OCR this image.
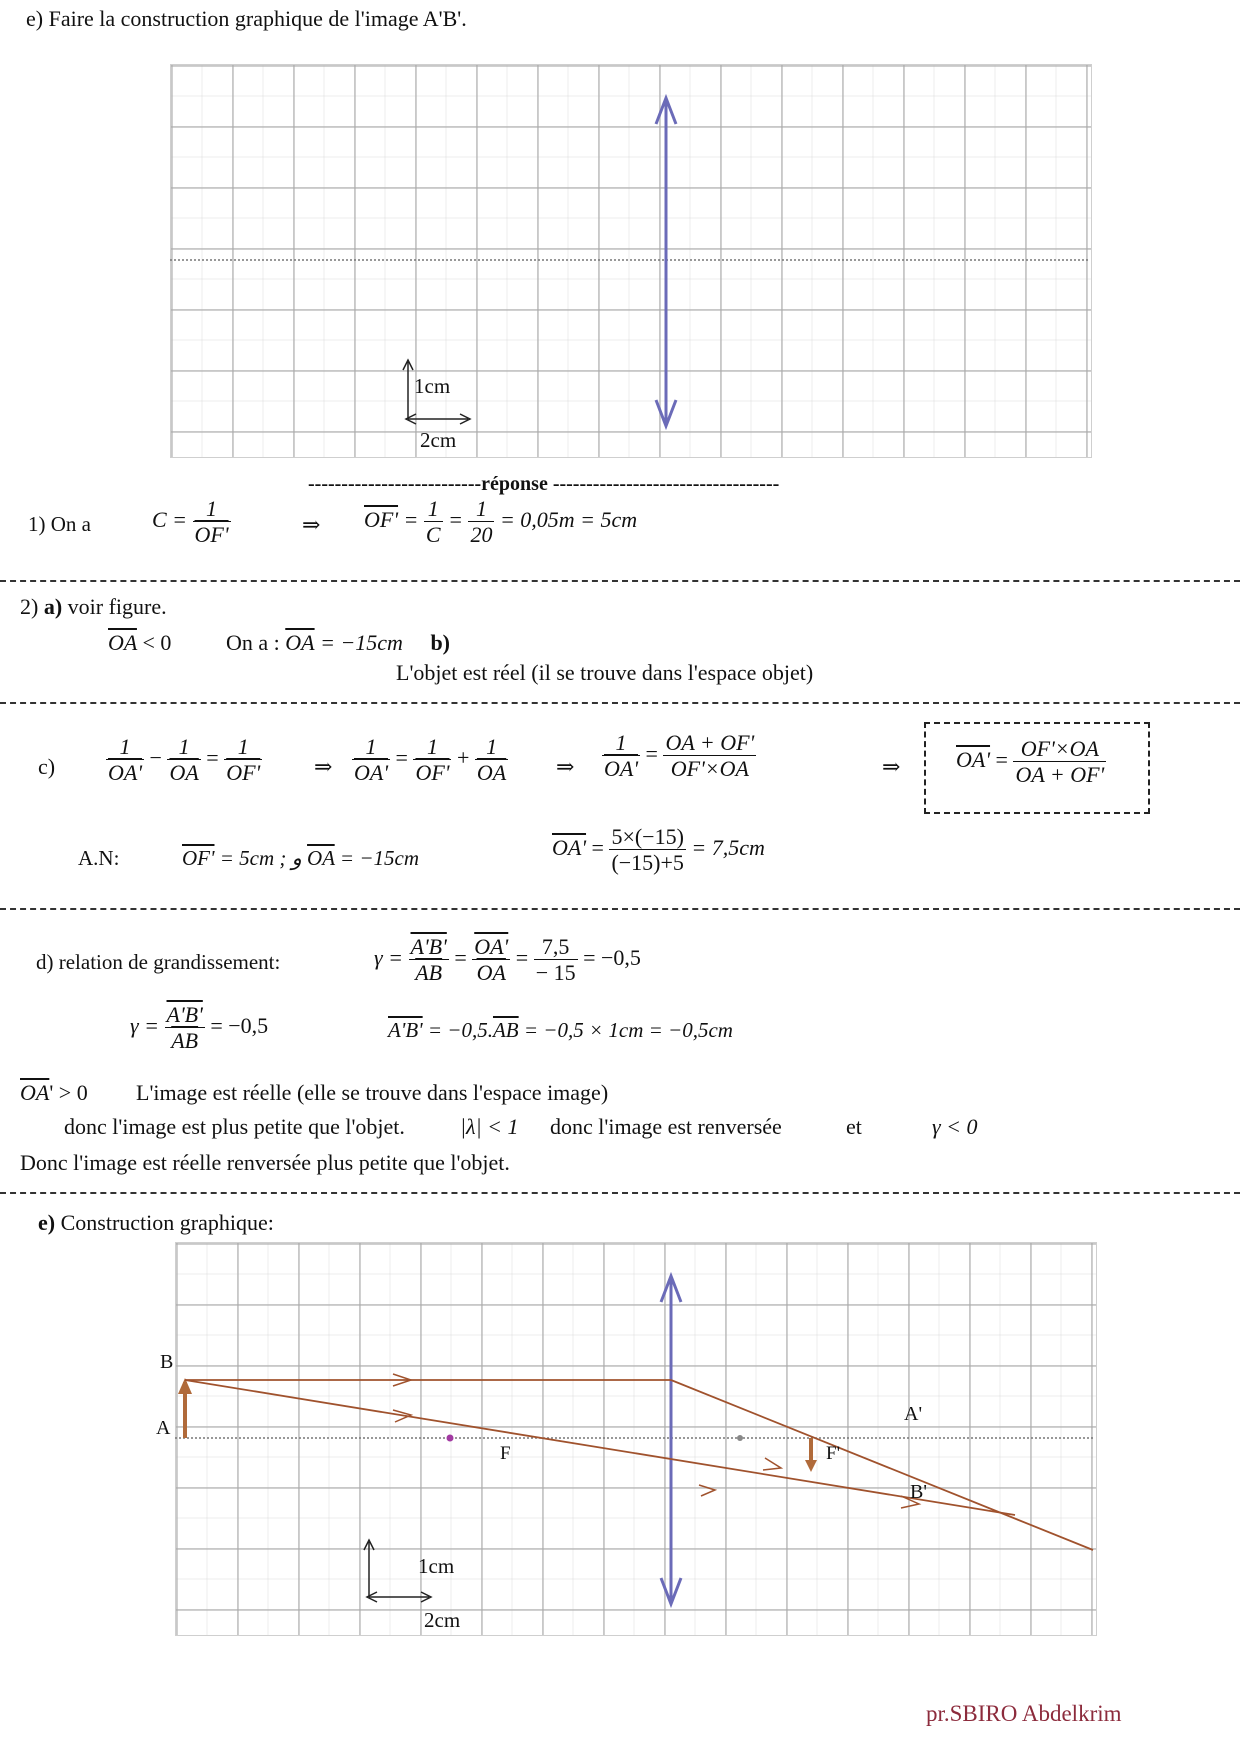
e) Faire la construction graphique de l'image A'B'.
1cm
2cm
--------------------------réponse ----------------------------------
1) On a	$C = \frac{1}{OF'}$	⇒ $OF' = \frac{1}{C} = \frac{1}{20} = 0,05m = 5cm$
2) a) voir figure.
$\overline{OA} < 0$ On a : $\overline{OA} = -15cm$ b)
L'objet est réel (il se trouve dans l'espace objet)
$c) \frac{1}{OA'} - \frac{1}{OA} = \frac{1}{OF'}$ ⇒ $\frac{1}{OA'} = \frac{1}{OF'} + \frac{1}{OA}$ ⇒ $\frac{1}{OA'} = \frac{OA + OF'}{OF'\times OA}$	⇒	$OA' = \frac{OF'\times OA}{OA + OF'}$
A.N:	OF' = 5cm ; و $\overline{OA} = -15cm$	$OA' = \frac{5\times(-15)}{(-15)+5} = 7,5cm$
d) relation de grandissement:	$\gamma = \frac{A'B'}{AB} = \frac{OA'}{OA} = \frac{7,5}{- 15} = -0,5$
$\gamma = \frac{A'B'}{AB} = -0,5$	$A'B' = -0,5.\overline{AB} = -0,5 \times 1cm = -0,5cm$
$\overline{OA}' > 0$ L'image est réelle (elle se trouve dans l'espace image)
donc l'image est plus petite que l'objet.	|λ| < 1 donc l'image est renversée	et	γ < 0
Donc l'image est réelle renversée plus petite que l'objet.
e) Construction graphique:
B
A
F	F'
A'
B'
1cm
2cm
pr.SBIRO Abdelkrim
